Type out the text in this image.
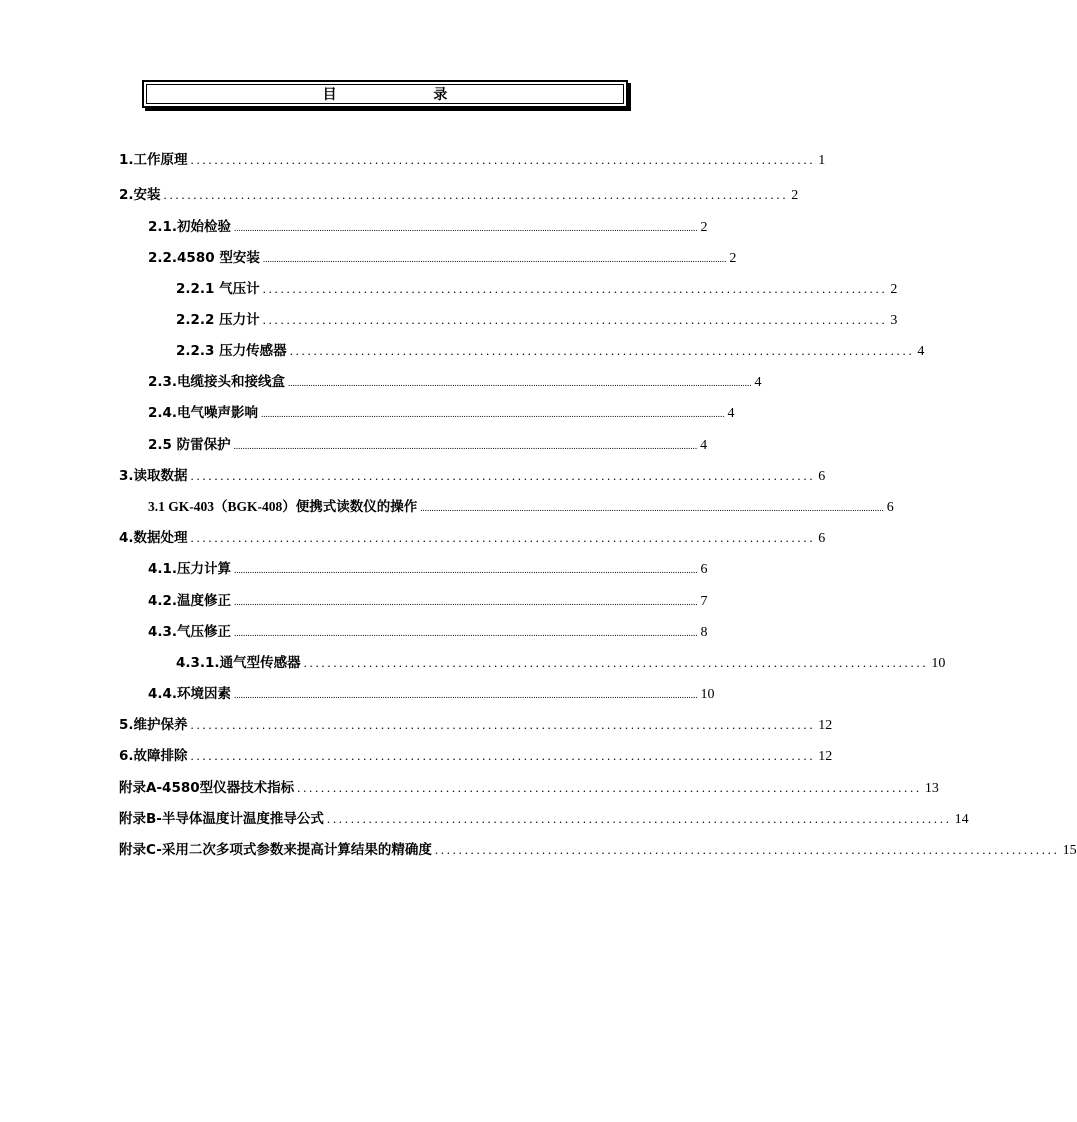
目 录
1.工作原理 ......................................................................................................... 1
2.安装 ......................................................................................................... 2
2.1.初始检验 .............................................................................................................................................................................................................. 2
2.2.4580 型安装 .............................................................................................................................................................................................................. 2
2.2.1 气压计 ......................................................................................................... 2
2.2.2 压力计 ......................................................................................................... 3
2.2.3 压力传感器 ......................................................................................................... 4
2.3.电缆接头和接线盒 .............................................................................................................................................................................................................. 4
2.4.电气噪声影响 .............................................................................................................................................................................................................. 4
2.5 防雷保护 .............................................................................................................................................................................................................. 4
3.读取数据 ......................................................................................................... 6
3.1 GK-403（BGK-408）便携式读数仪的操作 .............................................................................................................................................................................................................. 6
4.数据处理 ......................................................................................................... 6
4.1.压力计算 .............................................................................................................................................................................................................. 6
4.2.温度修正 .............................................................................................................................................................................................................. 7
4.3.气压修正 .............................................................................................................................................................................................................. 8
4.3.1.通气型传感器 ......................................................................................................... 10
4.4.环境因素 .............................................................................................................................................................................................................. 10
5.维护保养 ......................................................................................................... 12
6.故障排除 ......................................................................................................... 12
附录A-4580型仪器技术指标 ......................................................................................................... 13
附录B-半导体温度计温度推导公式 ......................................................................................................... 14
附录C-采用二次多项式参数来提高计算结果的精确度 ......................................................................................................... 15
